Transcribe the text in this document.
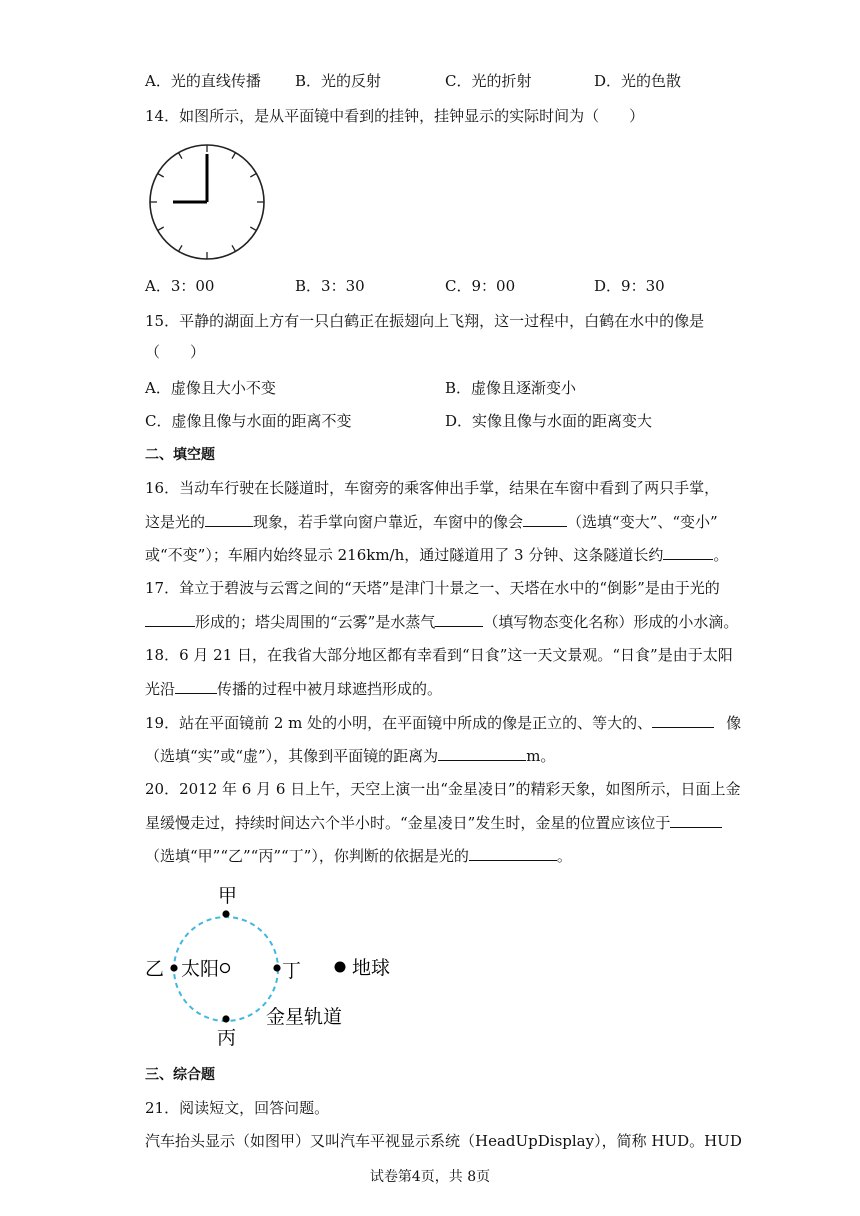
A．光的直线传播 B．光的反射	C．光的折射	D．光的色散
14．如图所示，是从平面镜中看到的挂钟，挂钟显示的实际时间为（　　）
A．3：00	B．3：30	C．9：00	D．9：30
15．平静的湖面上方有一只白鹤正在振翅向上飞翔，这一过程中，白鹤在水中的像是
（　　）
A．虚像且大小不变	B．虚像且逐渐变小
C．虚像且像与水面的距离不变	D．实像且像与水面的距离变大
二、填空题
16．当动车行驶在长隧道时，车窗旁的乘客伸出手掌，结果在车窗中看到了两只手掌，
这是光的	现象，若手掌向窗户靠近，车窗中的像会	（选填“变大”、“变小”
或“不变”）；车厢内始终显示 216km/h，通过隧道用了 3 分钟、这条隧道长约	。
17．耸立于碧波与云霄之间的“天塔”是津门十景之一、天塔在水中的“倒影”是由于光的
形成的；塔尖周围的“云雾”是水蒸气	（填写物态变化名称）形成的小水滴。
18．6 月 21 日，在我省大部分地区都有幸看到“日食”这一天文景观。“日食”是由于太阳
光沿	传播的过程中被月球遮挡形成的。
19．站在平面镜前 2 m 处的小明，在平面镜中所成的像是正立的、等大的、	像
（选填“实”或“虚”），其像到平面镜的距离为	m。
20．2012 年 6 月 6 日上午，天空上演一出“金星凌日”的精彩天象，如图所示，日面上金
星缓慢走过，持续时间达六个半小时。“金星凌日”发生时，金星的位置应该位于
（选填“甲”“乙”“丙”“丁”），你判断的依据是光的	。
甲
乙 太阳	丁	地球
金星轨道
丙
三、综合题
21．阅读短文，回答问题。
汽车抬头显示（如图甲）又叫汽车平视显示系统（HeadUpDisplay），简称 HUD。HUD
试卷第4页，共 8页
